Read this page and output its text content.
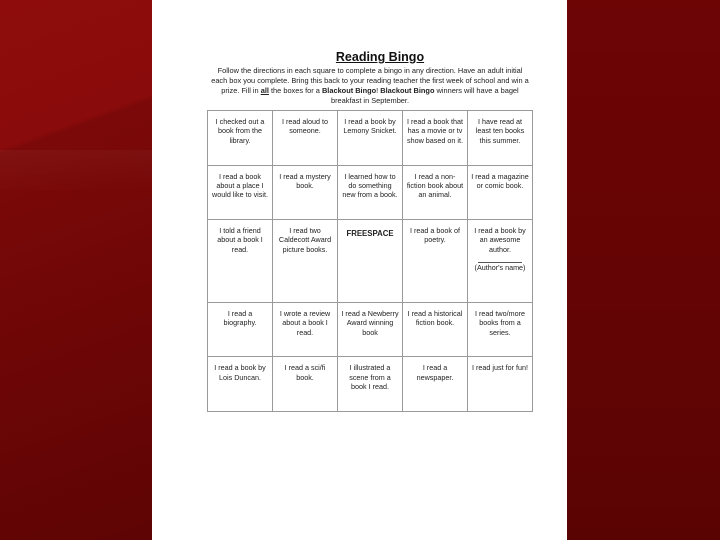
Reading Bingo
Follow the directions in each square to complete a bingo in any direction. Have an adult initial each box you complete. Bring this back to your reading teacher the first week of school and win a prize. Fill in all the boxes for a Blackout Bingo! Blackout Bingo winners will have a bagel breakfast in September.
I checked out a book from the library.	I read aloud to someone.	I read a book by Lemony Snicket.	I read a book that has a movie or tv show based on it.	I have read at least ten books this summer.
I read a book about a place I would like to visit.	I read a mystery book.	I learned how to do something new from a book.	I read a non-fiction book about an animal.	I read a magazine or comic book.
I told a friend about a book I read.	I read two Caldecott Award picture books.	FREESPACE	I read a book of poetry.	I read a book by an awesome author.
(Author's name)
I read a biography.	I wrote a review about a book I read.	I read a Newberry Award winning book	I read a historical fiction book.	I read two/more books from a series.
I read a book by Lois Duncan.	I read a sci/fi book.	I illustrated a scene from a book I read.	I read a newspaper.	I read just for fun!
